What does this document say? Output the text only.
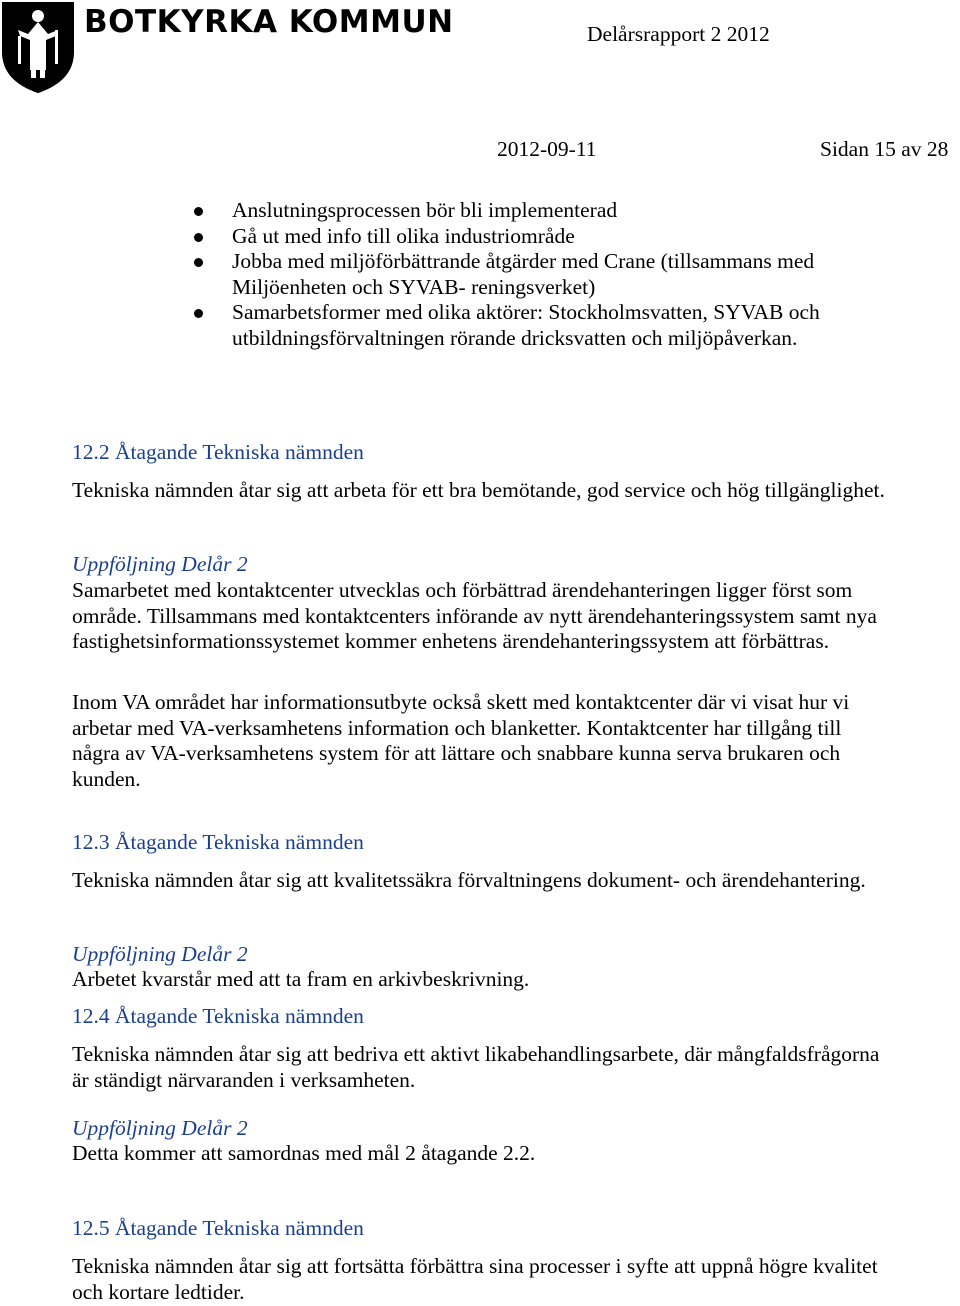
BOTKYRKA KOMMUN	Delårsrapport 2 2012
2012-09-11	Sidan 15 av 28
Anslutningsprocessen bör bli implementerad
Gå ut med info till olika industriområde
Jobba med miljöförbättrande åtgärder med Crane (tillsammans med Miljöenheten och SYVAB- reningsverket)
Samarbetsformer med olika aktörer: Stockholmsvatten, SYVAB och utbildningsförvaltningen rörande dricksvatten och miljöpåverkan.
12.2 Åtagande Tekniska nämnden
Tekniska nämnden åtar sig att arbeta för ett bra bemötande, god service och hög tillgänglighet.
Uppföljning Delår 2
Samarbetet med kontaktcenter utvecklas och förbättrad ärendehanteringen ligger först som område. Tillsammans med kontaktcenters införande av nytt ärendehanteringssystem samt nya fastighetsinformationssystemet kommer enhetens ärendehanteringssystem att förbättras.
Inom VA området har informationsutbyte också skett med kontaktcenter där vi visat hur vi arbetar med VA-verksamhetens information och blanketter. Kontaktcenter har tillgång till några av VA-verksamhetens system för att lättare och snabbare kunna serva brukaren och kunden.
12.3 Åtagande Tekniska nämnden
Tekniska nämnden åtar sig att kvalitetssäkra förvaltningens dokument- och ärendehantering.
Uppföljning Delår 2
Arbetet kvarstår med att ta fram en arkivbeskrivning.
12.4 Åtagande Tekniska nämnden
Tekniska nämnden åtar sig att bedriva ett aktivt likabehandlingsarbete, där mångfaldsfrågorna är ständigt närvaranden i verksamheten.
Uppföljning Delår 2
Detta kommer att samordnas med mål 2 åtagande 2.2.
12.5 Åtagande Tekniska nämnden
Tekniska nämnden åtar sig att fortsätta förbättra sina processer i syfte att uppnå högre kvalitet och kortare ledtider.
